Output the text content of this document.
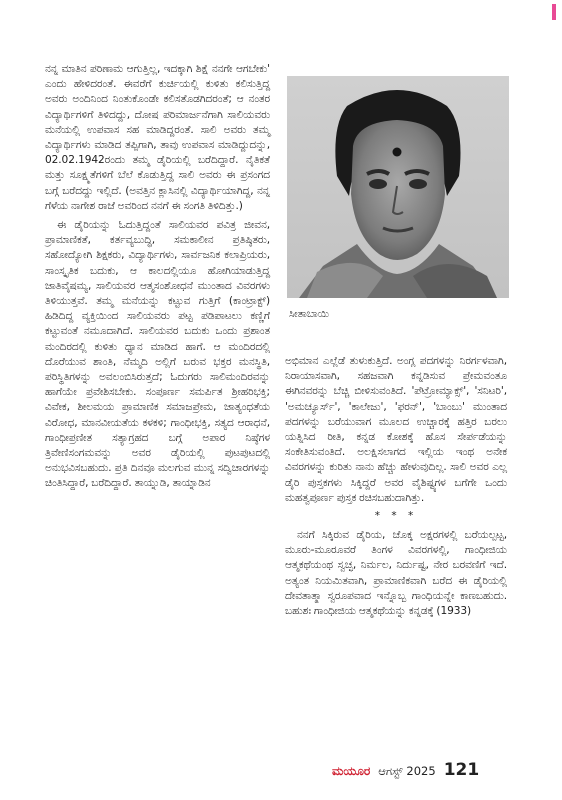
ನನ್ನ ಮಾತಿನ ಪರಿಣಾಮ ಆಗುತ್ತಿಲ್ಲ, ಇದಕ್ಕಾಗಿ ಶಿಕ್ಷೆ ನನಗೇ ಆಗಬೇಕು' ಎಂದು ಹೇಳಿದರಂತೆ. ಈವರೆಗೆ ಕುರ್ಚಿಯಲ್ಲಿ ಕುಳಿತು ಕಲಿಸುತ್ತಿದ್ದ ಅವರು ಅಂದಿನಿಂದ ನಿಂತುಕೊಂಡೇ ಕಲಿಸತೊಡಗಿದರಂತೆ; ಆ ನಂತರ ವಿದ್ಯಾರ್ಥಿಗಳಿಗೆ ತಿಳಿದದ್ದು, ದೋಷ ಪರಿಮಾರ್ಜನೆಗಾಗಿ ಸಾಲಿಯವರು ಮನೆಯಲ್ಲಿ ಉಪವಾಸ ಸಹ ಮಾಡಿದ್ದರಂತೆ. ಸಾಲಿ ಅವರು ತಮ್ಮ ವಿದ್ಯಾರ್ಥಿಗಳು ಮಾಡಿದ ತಪ್ಪಿಗಾಗಿ, ತಾವು ಉಪವಾಸ ಮಾಡಿದ್ದುದನ್ನು, 02.02.1942ರಂದು ತಮ್ಮ ಡೈರಿಯಲ್ಲಿ ಬರೆದಿದ್ದಾರೆ. ನೈತಿಕತೆ ಮತ್ತು ಸೂಕ್ಷ್ಮತೆಗಳಿಗೆ ಬೆಲೆ ಕೊಡುತ್ತಿದ್ದ ಸಾಲಿ ಅವರು ಈ ಪ್ರಸಂಗದ ಬಗ್ಗೆ ಬರೆದದ್ದು ಇಲ್ಲಿದೆ. (ಅವತ್ತಿನ ಕ್ಲಾಸಿನಲ್ಲಿ ವಿದ್ಯಾರ್ಥಿಯಾಗಿದ್ದ, ನನ್ನ ಗೆಳೆಯ ನಾಗೇಶ ರಾಜೆ ಅವರಿಂದ ನನಗೆ ಈ ಸಂಗತಿ ತಿಳಿದಿತ್ತು.)

ಈ ಡೈರಿಯನ್ನು ಓದುತ್ತಿದ್ದಂತೆ ಸಾಲಿಯವರ ಪವಿತ್ರ ಜೀವನ, ಪ್ರಾಮಾಣಿಕತೆ, ಕರ್ತವ್ಯಬುದ್ಧಿ, ಸಮಕಾಲೀನ ಪ್ರತಿಷ್ಠಿತರು, ಸಹೋದ್ಯೋಗಿ ಶಿಕ್ಷಕರು, ವಿದ್ಯಾರ್ಥಿಗಳು, ಸಾರ್ವಜನಿಕ ಕಲಾಪ್ರಿಯರು, ಸಾಂಸ್ಕೃತಿಕ ಬದುಕು, ಆ ಕಾಲದಲ್ಲಿಯೂ ಹೋಗಿಯಾಡುತ್ತಿದ್ದ ಜಾತಿವೈಷಮ್ಯ, ಸಾಲಿಯವರ ಆತ್ಮಸಂಶೋಧನೆ ಮುಂತಾದ ವಿವರಗಳು ತಿಳಿಯುತ್ತವೆ. ತಮ್ಮ ಮನೆಯನ್ನು ಕಟ್ಟುವ ಗುತ್ತಿಗೆ (ಕಾಂಟ್ರಾಕ್ಟ್) ಹಿಡಿದಿದ್ದ ವ್ಯಕ್ತಿಯಿಂದ ಸಾಲಿಯವರು ಪಟ್ಟ ಪಡಿಪಾಟಲು ಕಣ್ಣಿಗೆ ಕಟ್ಟುವಂತೆ ನಮೂದಾಗಿದೆ. ಸಾಲಿಯವರ ಬದುಕು ಒಂದು ಪ್ರಶಾಂತ ಮಂದಿರದಲ್ಲಿ ಕುಳಿತು ಧ್ಯಾನ ಮಾಡಿದ ಹಾಗೆ. ಆ ಮಂದಿರದಲ್ಲಿ ದೊರೆಯುವ ಶಾಂತಿ, ನೆಮ್ಮದಿ ಅಲ್ಲಿಗೆ ಬರುವ ಭಕ್ತರ ಮನಸ್ಥಿತಿ, ಪರಿಸ್ಥಿತಿಗಳನ್ನು ಅವಲಂಬಿಸಿರುತ್ತದೆ; ಓದುಗರು ಸಾಲಿಮಂದಿರವನ್ನು ಹಾಗೆಯೇ ಪ್ರವೇಶಿಸಬೇಕು. ಸಂಪೂರ್ಣ ಸಮರ್ಪಿತ ಶ್ರೀಹರಿಭಕ್ತಿ; ವಿವೇಕ, ಶೀಲಮಯ ಪ್ರಾಮಾಣಿಕ ಸಮಾಜಪ್ರೇಮ, ಜಾತ್ಯಂಧತೆಯ ವಿರೋಧ, ಮಾನವೀಯತೆಯ ಕಳಕಳಿ; ಗಾಂಧೀಭಕ್ತಿ, ಸತ್ಯದ ಆರಾಧನೆ, ಗಾಂಧೀಪ್ರಣೀತ ಸತ್ಯಾಗ್ರಹದ ಬಗ್ಗೆ ಅಪಾರ ನಿಷ್ಠೆಗಳ ತ್ರಿವೇಣಿಸಂಗಮವನ್ನು ಅವರ ಡೈರಿಯಲ್ಲಿ ಪುಟಪುಟದಲ್ಲಿ ಅನುಭವಿಸಬಹುದು. ಪ್ರತಿ ದಿನವೂ ಮಲಗುವ ಮುನ್ನ ಸದ್ವಿಚಾರಗಳನ್ನು ಚಿಂತಿಸಿದ್ದಾರೆ, ಬರೆದಿದ್ದಾರೆ. ತಾಯ್ನುಡಿ, ತಾಯ್ನಾಡಿನ

ಸೀತಾಬಾಯಿ

ಅಭಿಮಾನ ಎಲ್ಲೆಡೆ ತುಳುಕುತ್ತಿದೆ. ಅಂಗ್ಲ ಪದಗಳನ್ನು ನಿರರ್ಗಳವಾಗಿ, ನಿರಾಯಾಸವಾಗಿ, ಸಹಜವಾಗಿ ಕನ್ನಡಿಸುವ ಪ್ರೇಮವಂತೂ ಈಗಿನವರನ್ನು ಬೆಚ್ಚಿ ಬೀಳಿಸುವಂತಿದೆ. 'ಪೆಟ್ರೋಮ್ಯಾಕ್ಸ್', 'ಸನಿಟರಿ', 'ಅಮಚ್ಯೂರ್ಸ್', 'ಕಾಲೇಜು', 'ಫರನ್', 'ಬಾಂಬು' ಮುಂತಾದ ಪದಗಳನ್ನು ಬರೆಯುವಾಗ ಮೂಲದ ಉಚ್ಚಾರಕ್ಕೆ ಹತ್ತಿರ ಬರಲು ಯತ್ನಿಸಿದ ರೀತಿ, ಕನ್ನಡ ಕೋಶಕ್ಕೆ ಹೊಸ ಸೇರ್ಪಡೆಯನ್ನು ಸಂಕೇತಿಸುವಂತಿದೆ. ಅಲಕ್ಷಿಸಲಾಗದ ಇಲ್ಲಿಯ ಇಂಥ ಅನೇಕ ವಿವರಗಳನ್ನು ಕುರಿತು ನಾನು ಹೆಚ್ಚು ಹೇಳುವುದಿಲ್ಲ. ಸಾಲಿ ಅವರ ಎಲ್ಲ ಡೈರಿ ಪುಸ್ತಕಗಳು ಸಿಕ್ಕಿದ್ದರೆ ಅವರ ವೈಶಿಷ್ಟ್ಯಗಳ ಬಗೆಗೇ ಒಂದು ಮಹತ್ವಪೂರ್ಣ ಪುಸ್ತಕ ರಚಿಸಬಹುದಾಗಿತ್ತು.

* * *

ನನಗೆ ಸಿಕ್ಕಿರುವ ಡೈರಿಯ, ಚೊಕ್ಕ ಅಕ್ಷರಗಳಲ್ಲಿ ಬರೆಯಲ್ಪಟ್ಟ, ಮೂರು-ಮೂರೂವರೆ ತಿಂಗಳ ವಿವರಗಳಲ್ಲಿ, ಗಾಂಧೀಜಿಯ ಆತ್ಮಕಥೆಯಂಥ ಸ್ವಚ್ಛ, ನಿರ್ಮಲ, ನಿರ್ದುಷ್ಟ, ನೇರ ಬರವಣಿಗೆ ಇದೆ. ಅತ್ಯಂತ ನಿಯಮಿತವಾಗಿ, ಪ್ರಾಮಾಣಿಕವಾಗಿ ಬರೆದ ಈ ಡೈರಿಯಲ್ಲಿ ದೇವತಾತ್ಮಾ ಸ್ವರೂಪವಾದ ಇನ್ನೊಬ್ಬ ಗಾಂಧಿಯನ್ನೇ ಕಾಣಬಹುದು. ಬಹುಶಃ ಗಾಂಧೀಜಿಯ ಆತ್ಮಕಥೆಯನ್ನು ಕನ್ನಡಕ್ಕೆ (1933)

ಮಯೂರ ಆಗಸ್ಟ್ 2025 121
